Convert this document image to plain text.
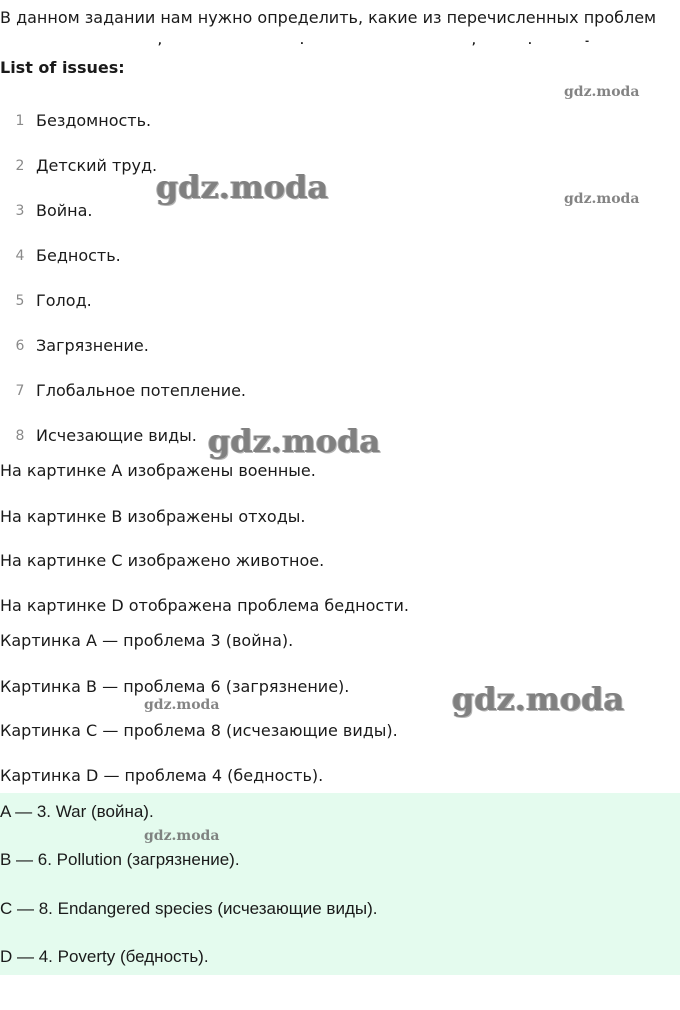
В данном задании нам нужно определить, какие из перечисленных проблем
,	.	,	.	-
List of issues:
1 Бездомность.
2 Детский труд.
3 Война.
4 Бедность.
5 Голод.
6 Загрязнение.
7 Глобальное потепление.
8 Исчезающие виды.
На картинке A изображены военные.
На картинке B изображены отходы.
На картинке C изображено животное.
На картинке D отображена проблема бедности.
Картинка A — проблема 3 (война).
Картинка B — проблема 6 (загрязнение).
Картинка C — проблема 8 (исчезающие виды).
Картинка D — проблема 4 (бедность).
A — 3. War (война).
B — 6. Pollution (загрязнение).
C — 8. Endangered species (исчезающие виды).
D — 4. Poverty (бедность).
gdz.moda
gdz.moda	gdz.moda
gdz.moda
gdz.moda
gdz.moda
gdz.moda
